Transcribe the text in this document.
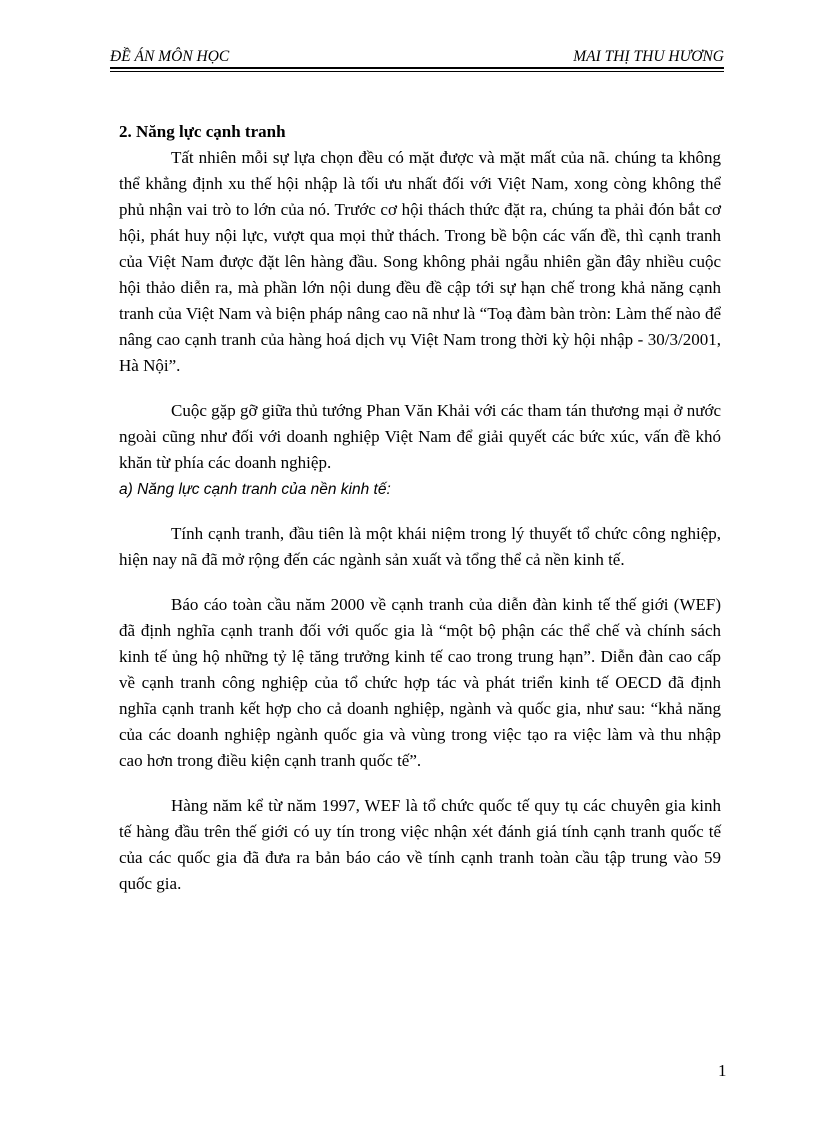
ĐỀ ÁN MÔN HỌC	MAI THỊ THU HƯƠNG

2. Năng lực cạnh tranh

Tất nhiên mỗi sự lựa chọn đều có mặt được và mặt mất của nã. chúng ta không thể khẳng định xu thế hội nhập là tối ưu nhất đối với Việt Nam, xong còng không thể phủ nhận vai trò to lớn của nó. Trước cơ hội thách thức đặt ra, chúng ta phải đón bắt cơ hội, phát huy nội lực, vượt qua mọi thử thách. Trong bề bộn các vấn đề, thì cạnh tranh của Việt Nam được đặt lên hàng đầu. Song không phải ngẫu nhiên gần đây nhiều cuộc hội thảo diễn ra, mà phần lớn nội dung đều đề cập tới sự hạn chế trong khả năng cạnh tranh của Việt Nam và biện pháp nâng cao nã như là “Toạ đàm bàn tròn: Làm thế nào để nâng cao cạnh tranh của hàng hoá dịch vụ Việt Nam trong thời kỳ hội nhập - 30/3/2001, Hà Nội”.

Cuộc gặp gỡ giữa thủ tướng Phan Văn Khải với các tham tán thương mại ở nước ngoài cũng như đối với doanh nghiệp Việt Nam để giải quyết các bức xúc, vấn đề khó khăn từ phía các doanh nghiệp.

a) Năng lực cạnh tranh của nền kinh tế:

Tính cạnh tranh, đầu tiên là một khái niệm trong lý thuyết tổ chức công nghiệp, hiện nay nã đã mở rộng đến các ngành sản xuất và tổng thể cả nền kinh tế.

Báo cáo toàn cầu năm 2000 về cạnh tranh của diễn đàn kinh tế thế giới (WEF) đã định nghĩa cạnh tranh đối với quốc gia là “một bộ phận các thể chế và chính sách kinh tế ủng hộ những tỷ lệ tăng trưởng kinh tế cao trong trung hạn”. Diễn đàn cao cấp về cạnh tranh công nghiệp của tổ chức hợp tác và phát triển kinh tế OECD đã định nghĩa cạnh tranh kết hợp cho cả doanh nghiệp, ngành và quốc gia, như sau: “khả năng của các doanh nghiệp ngành quốc gia và vùng trong việc tạo ra việc làm và thu nhập cao hơn trong điều kiện cạnh tranh quốc tế”.

Hàng năm kể từ năm 1997, WEF là tổ chức quốc tế quy tụ các chuyên gia kinh tế hàng đầu trên thế giới có uy tín trong việc nhận xét đánh giá tính cạnh tranh quốc tế của các quốc gia đã đưa ra bản báo cáo về tính cạnh tranh toàn cầu tập trung vào 59 quốc gia.

1
